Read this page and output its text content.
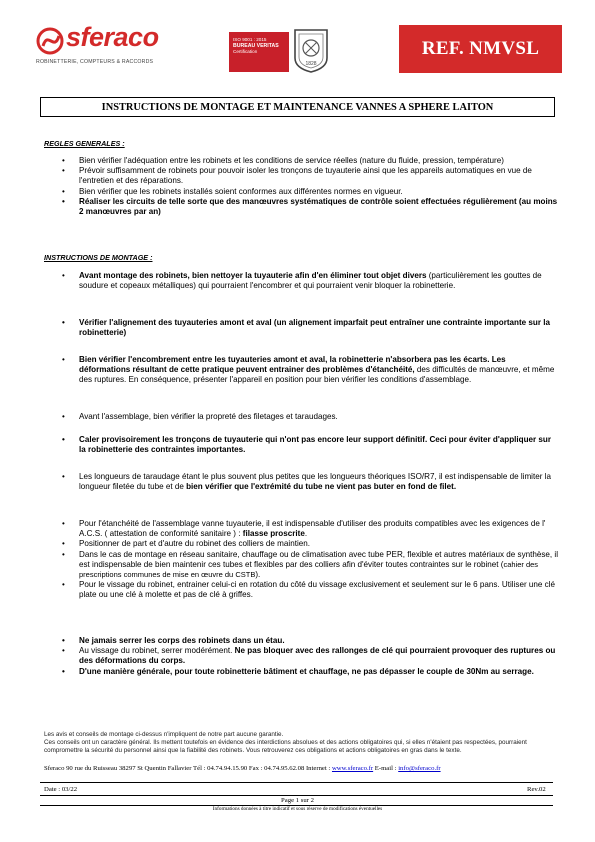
sferaco
ROBINETTERIE, COMPTEURS & RACCORDS
ISO 9001 : 2015
BUREAU VERITAS
Certification
1828
REF. NMVSL
INSTRUCTIONS DE MONTAGE ET MAINTENANCE VANNES A SPHERE LAITON
REGLES GENERALES :
• Bien vérifier l'adéquation entre les robinets et les conditions de service réelles (nature du fluide, pression, température)
• Prévoir suffisamment de robinets pour pouvoir isoler les tronçons de tuyauterie ainsi que les appareils automatiques en vue de l'entretien et des réparations.
• Bien vérifier que les robinets installés soient conformes aux différentes normes en vigueur.
• Réaliser les circuits de telle sorte que des manœuvres systématiques de contrôle soient effectuées régulièrement (au moins 2 manœuvres par an)
INSTRUCTIONS DE MONTAGE :
• Avant montage des robinets, bien nettoyer la tuyauterie afin d'en éliminer tout objet divers (particulièrement les gouttes de soudure et copeaux métalliques) qui pourraient l'encombrer et qui pourraient venir bloquer la robinetterie.
• Vérifier l'alignement des tuyauteries amont et aval (un alignement imparfait peut entraîner une contrainte importante sur la robinetterie)
• Bien vérifier l'encombrement entre les tuyauteries amont et aval, la robinetterie n'absorbera pas les écarts. Les déformations résultant de cette pratique peuvent entrainer des problèmes d'étanchéité, des difficultés de manœuvre, et même des ruptures. En conséquence, présenter l'appareil en position pour bien vérifier les conditions d'assemblage.
• Avant l'assemblage, bien vérifier la propreté des filetages et taraudages.
• Caler provisoirement les tronçons de tuyauterie qui n'ont pas encore leur support définitif. Ceci pour éviter d'appliquer sur la robinetterie des contraintes importantes.
• Les longueurs de taraudage étant le plus souvent plus petites que les longueurs théoriques ISO/R7, il est indispensable de limiter la longueur filetée du tube et de bien vérifier que l'extrémité du tube ne vient pas buter en fond de filet.
• Pour l'étanchéité de l'assemblage vanne tuyauterie, il est indispensable d'utiliser des produits compatibles avec les exigences de l' A.C.S. ( attestation de conformité sanitaire ) : filasse proscrite.
• Positionner de part et d'autre du robinet des colliers de maintien.
• Dans le cas de montage en réseau sanitaire, chauffage ou de climatisation avec tube PER, flexible et autres matériaux de synthèse, il est indispensable de bien maintenir ces tubes et flexibles par des colliers afin d'éviter toutes contraintes sur le robinet (cahier des prescriptions communes de mise en œuvre du CSTB).
• Pour le vissage du robinet, entrainer celui-ci en rotation du côté du vissage exclusivement et seulement sur le 6 pans. Utiliser une clé plate ou une clé à molette et pas de clé à griffes.
• Ne jamais serrer les corps des robinets dans un étau.
• Au vissage du robinet, serrer modérément. Ne pas bloquer avec des rallonges de clé qui pourraient provoquer des ruptures ou des déformations du corps.
• D'une manière générale, pour toute robinetterie bâtiment et chauffage, ne pas dépasser le couple de 30Nm au serrage.
Les avis et conseils de montage ci-dessus n'impliquent de notre part aucune garantie.
Ces conseils ont un caractère général. Ils mettent toutefois en évidence des interdictions absolues et des actions obligatoires qui, si elles n'étaient pas respectées, pourraient compromettre la sécurité du personnel ainsi que la fiabilité des robinets. Vous retrouverez ces obligations et actions obligatoires en gras dans le texte.
Sferaco 90 rue du Ruisseau 38297 St Quentin Fallavier Tél : 04.74.94.15.90 Fax : 04.74.95.62.08 Internet : www.sferaco.fr E-mail : info@sferaco.fr
Date : 03/22	Rev.02
Page 1 sur 2
Informations données à titre indicatif et sous réserve de modifications éventuelles
